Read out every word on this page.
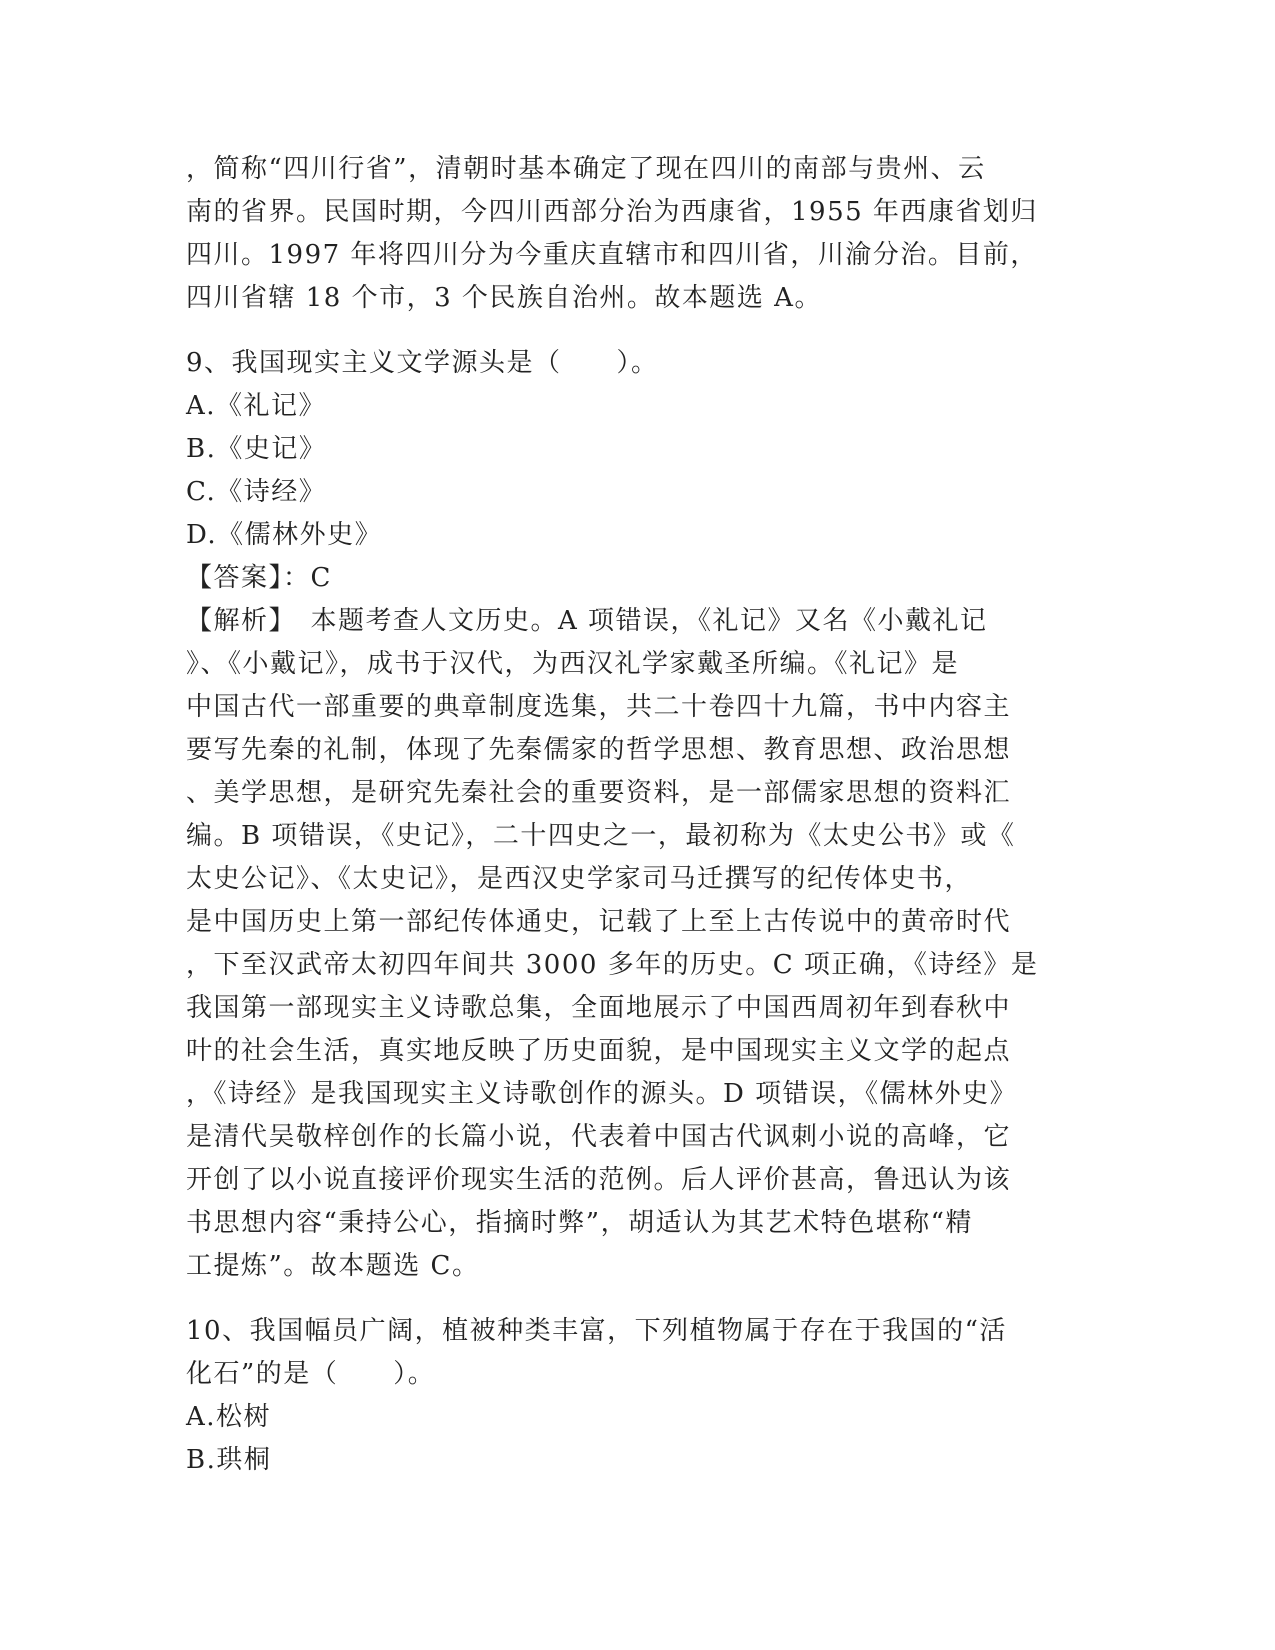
，简称“四川行省”，清朝时基本确定了现在四川的南部与贵州、云
南的省界。民国时期，今四川西部分治为西康省，1955 年西康省划归
四川。1997 年将四川分为今重庆直辖市和四川省，川渝分治。目前，
四川省辖 18 个市，3 个民族自治州。故本题选 A。
9、我国现实主义文学源头是（　　）。
A.《礼记》
B.《史记》
C.《诗经》
D.《儒林外史》
【答案】：C
【解析】　本题考查人文历史。A 项错误，《礼记》又名《小戴礼记
》、《小戴记》，成书于汉代，为西汉礼学家戴圣所编。《礼记》是
中国古代一部重要的典章制度选集，共二十卷四十九篇，书中内容主
要写先秦的礼制，体现了先秦儒家的哲学思想、教育思想、政治思想
、美学思想，是研究先秦社会的重要资料，是一部儒家思想的资料汇
编。B 项错误，《史记》，二十四史之一，最初称为《太史公书》或《
太史公记》、《太史记》，是西汉史学家司马迁撰写的纪传体史书，
是中国历史上第一部纪传体通史，记载了上至上古传说中的黄帝时代
，下至汉武帝太初四年间共 3000 多年的历史。C 项正确，《诗经》是
我国第一部现实主义诗歌总集，全面地展示了中国西周初年到春秋中
叶的社会生活，真实地反映了历史面貌，是中国现实主义文学的起点
，《诗经》是我国现实主义诗歌创作的源头。D 项错误，《儒林外史》
是清代吴敬梓创作的长篇小说，代表着中国古代讽刺小说的高峰，它
开创了以小说直接评价现实生活的范例。后人评价甚高，鲁迅认为该
书思想内容“秉持公心，指摘时弊”，胡适认为其艺术特色堪称“精
工提炼”。故本题选 C。
10、我国幅员广阔，植被种类丰富，下列植物属于存在于我国的“活
化石”的是（　　）。
A.松树
B.珙桐
